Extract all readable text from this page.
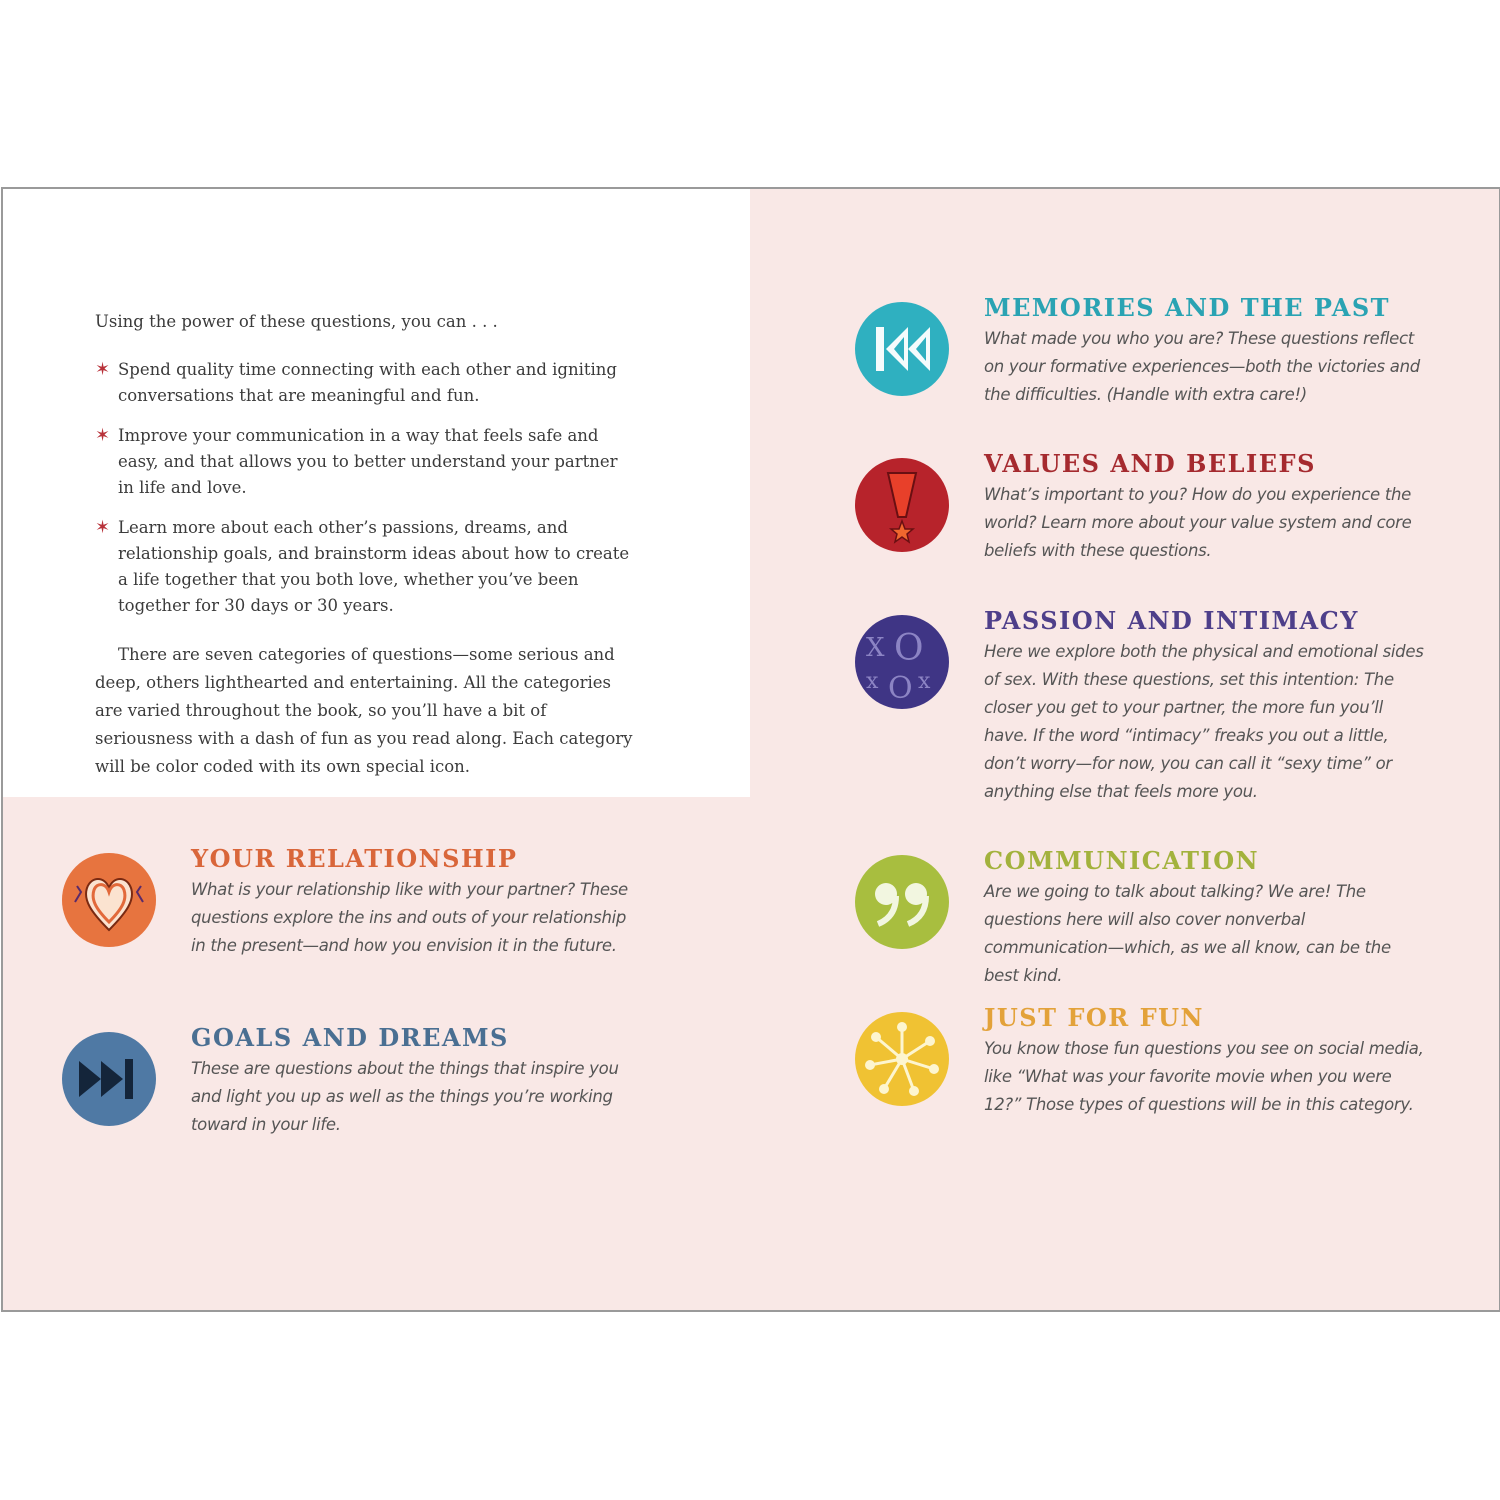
Using the power of these questions, you can . . .

✶ Spend quality time connecting with each other and igniting conversations that are meaningful and fun.
✶ Improve your communication in a way that feels safe and easy, and that allows you to better understand your partner in life and love.
✶ Learn more about each other’s passions, dreams, and relationship goals, and brainstorm ideas about how to create a life together that you both love, whether you’ve been together for 30 days or 30 years.

There are seven categories of questions—some serious and deep, others lighthearted and entertaining. All the categories are varied throughout the book, so you’ll have a bit of seriousness with a dash of fun as you read along. Each category will be color coded with its own special icon.

YOUR RELATIONSHIP

What is your relationship like with your partner? These questions explore the ins and outs of your relationship in the present—and how you envision it in the future.

GOALS AND DREAMS

These are questions about the things that inspire you and light you up as well as the things you’re working toward in your life.

MEMORIES AND THE PAST

What made you who you are? These questions reflect on your formative experiences—both the victories and the difficulties. (Handle with extra care!)

VALUES AND BELIEFS

What’s important to you? How do you experience the world? Learn more about your value system and core beliefs with these questions.

X O
x O x
PASSION AND INTIMACY

Here we explore both the physical and emotional sides of sex. With these questions, set this intention: The closer you get to your partner, the more fun you’ll have. If the word “intimacy” freaks you out a little, don’t worry—for now, you can call it “sexy time” or anything else that feels more you.

COMMUNICATION

Are we going to talk about talking? We are! The questions here will also cover nonverbal communication—which, as we all know, can be the best kind.

JUST FOR FUN

You know those fun questions you see on social media, like “What was your favorite movie when you were 12?” Those types of questions will be in this category.
